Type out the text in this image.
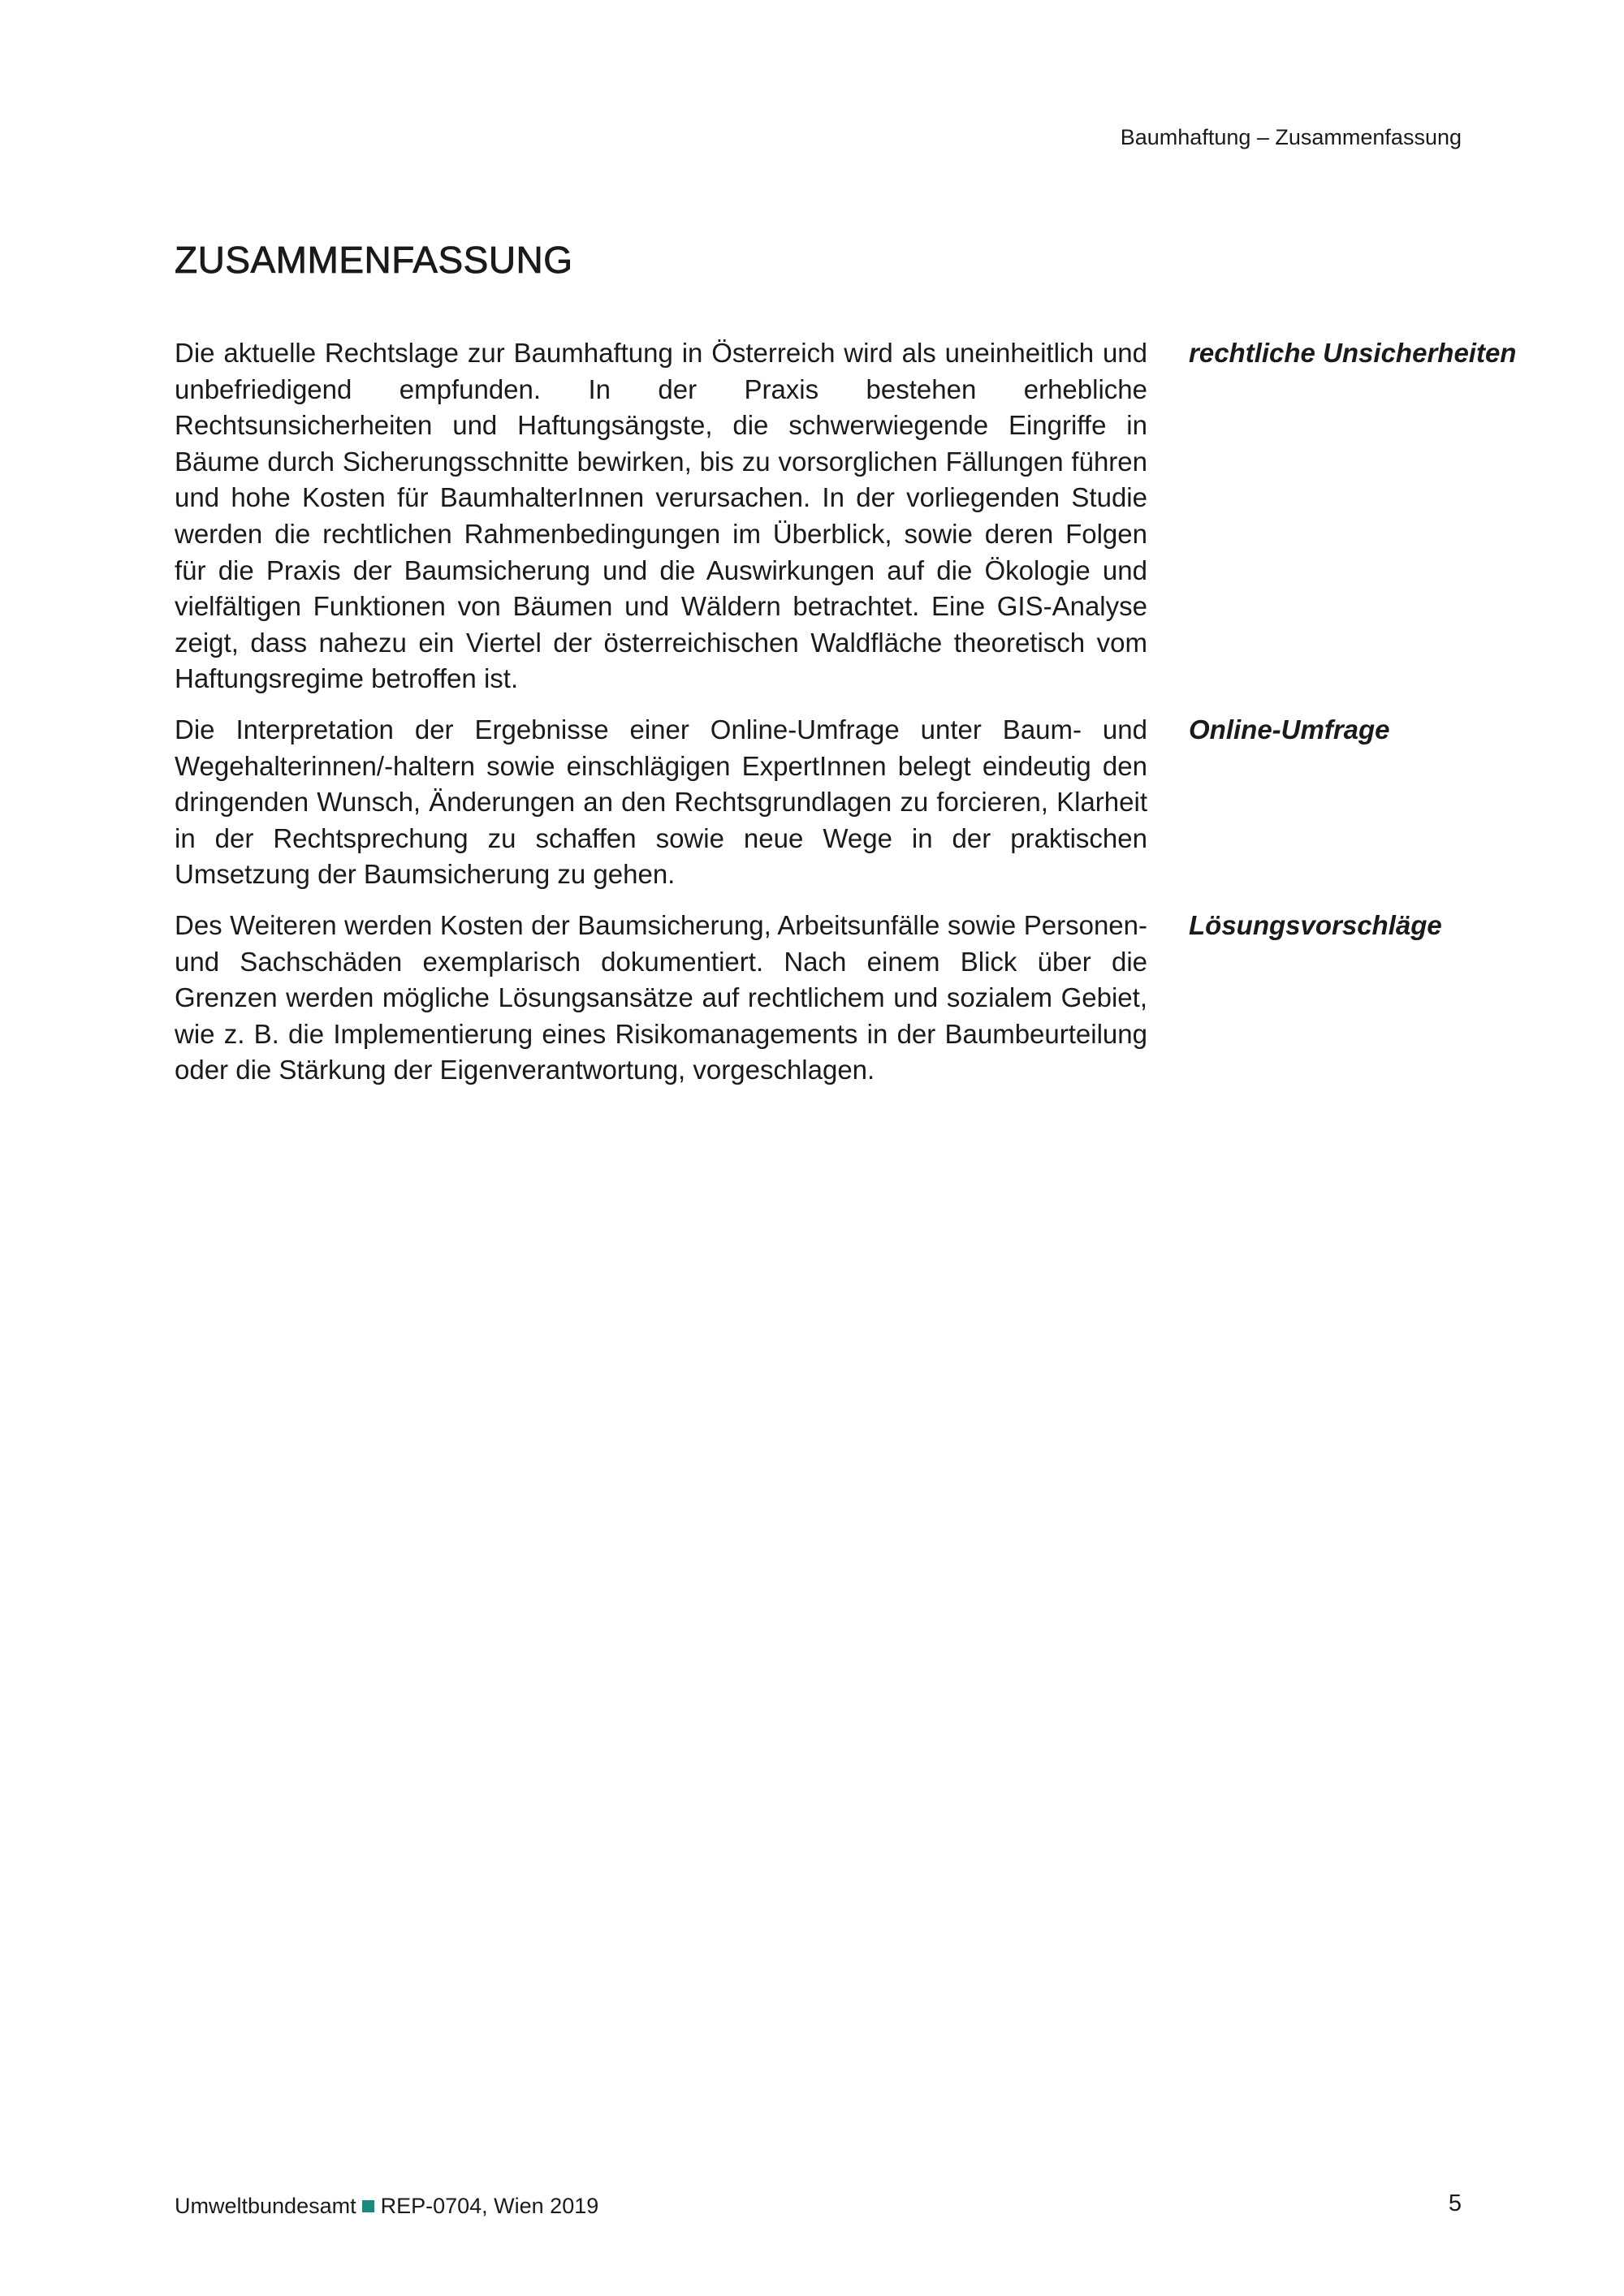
Baumhaftung – Zusammenfassung
ZUSAMMENFASSUNG

Die aktuelle Rechtslage zur Baumhaftung in Österreich wird als uneinheitlich und unbefriedigend empfunden. In der Praxis bestehen erhebliche Rechtsunsicherheiten und Haftungsängste, die schwerwiegende Eingriffe in Bäume durch Sicherungsschnitte bewirken, bis zu vorsorglichen Fällungen führen und hohe Kosten für BaumhalterInnen verursachen. In der vorliegenden Studie werden die rechtlichen Rahmenbedingungen im Überblick, sowie deren Folgen für die Praxis der Baumsicherung und die Auswirkungen auf die Ökologie und vielfältigen Funktionen von Bäumen und Wäldern betrachtet. Eine GIS-Analyse zeigt, dass nahezu ein Viertel der österreichischen Waldfläche theoretisch vom Haftungsregime betroffen ist.

rechtliche Unsicherheiten

Die Interpretation der Ergebnisse einer Online-Umfrage unter Baum- und Wegehalterinnen/-haltern sowie einschlägigen ExpertInnen belegt eindeutig den dringenden Wunsch, Änderungen an den Rechtsgrundlagen zu forcieren, Klarheit in der Rechtsprechung zu schaffen sowie neue Wege in der praktischen Umsetzung der Baumsicherung zu gehen.

Online-Umfrage

Des Weiteren werden Kosten der Baumsicherung, Arbeitsunfälle sowie Personen- und Sachschäden exemplarisch dokumentiert. Nach einem Blick über die Grenzen werden mögliche Lösungsansätze auf rechtlichem und sozialem Gebiet, wie z. B. die Implementierung eines Risikomanagements in der Baumbeurteilung oder die Stärkung der Eigenverantwortung, vorgeschlagen.

Lösungsvorschläge

Umweltbundesamt REP-0704, Wien 2019	5
